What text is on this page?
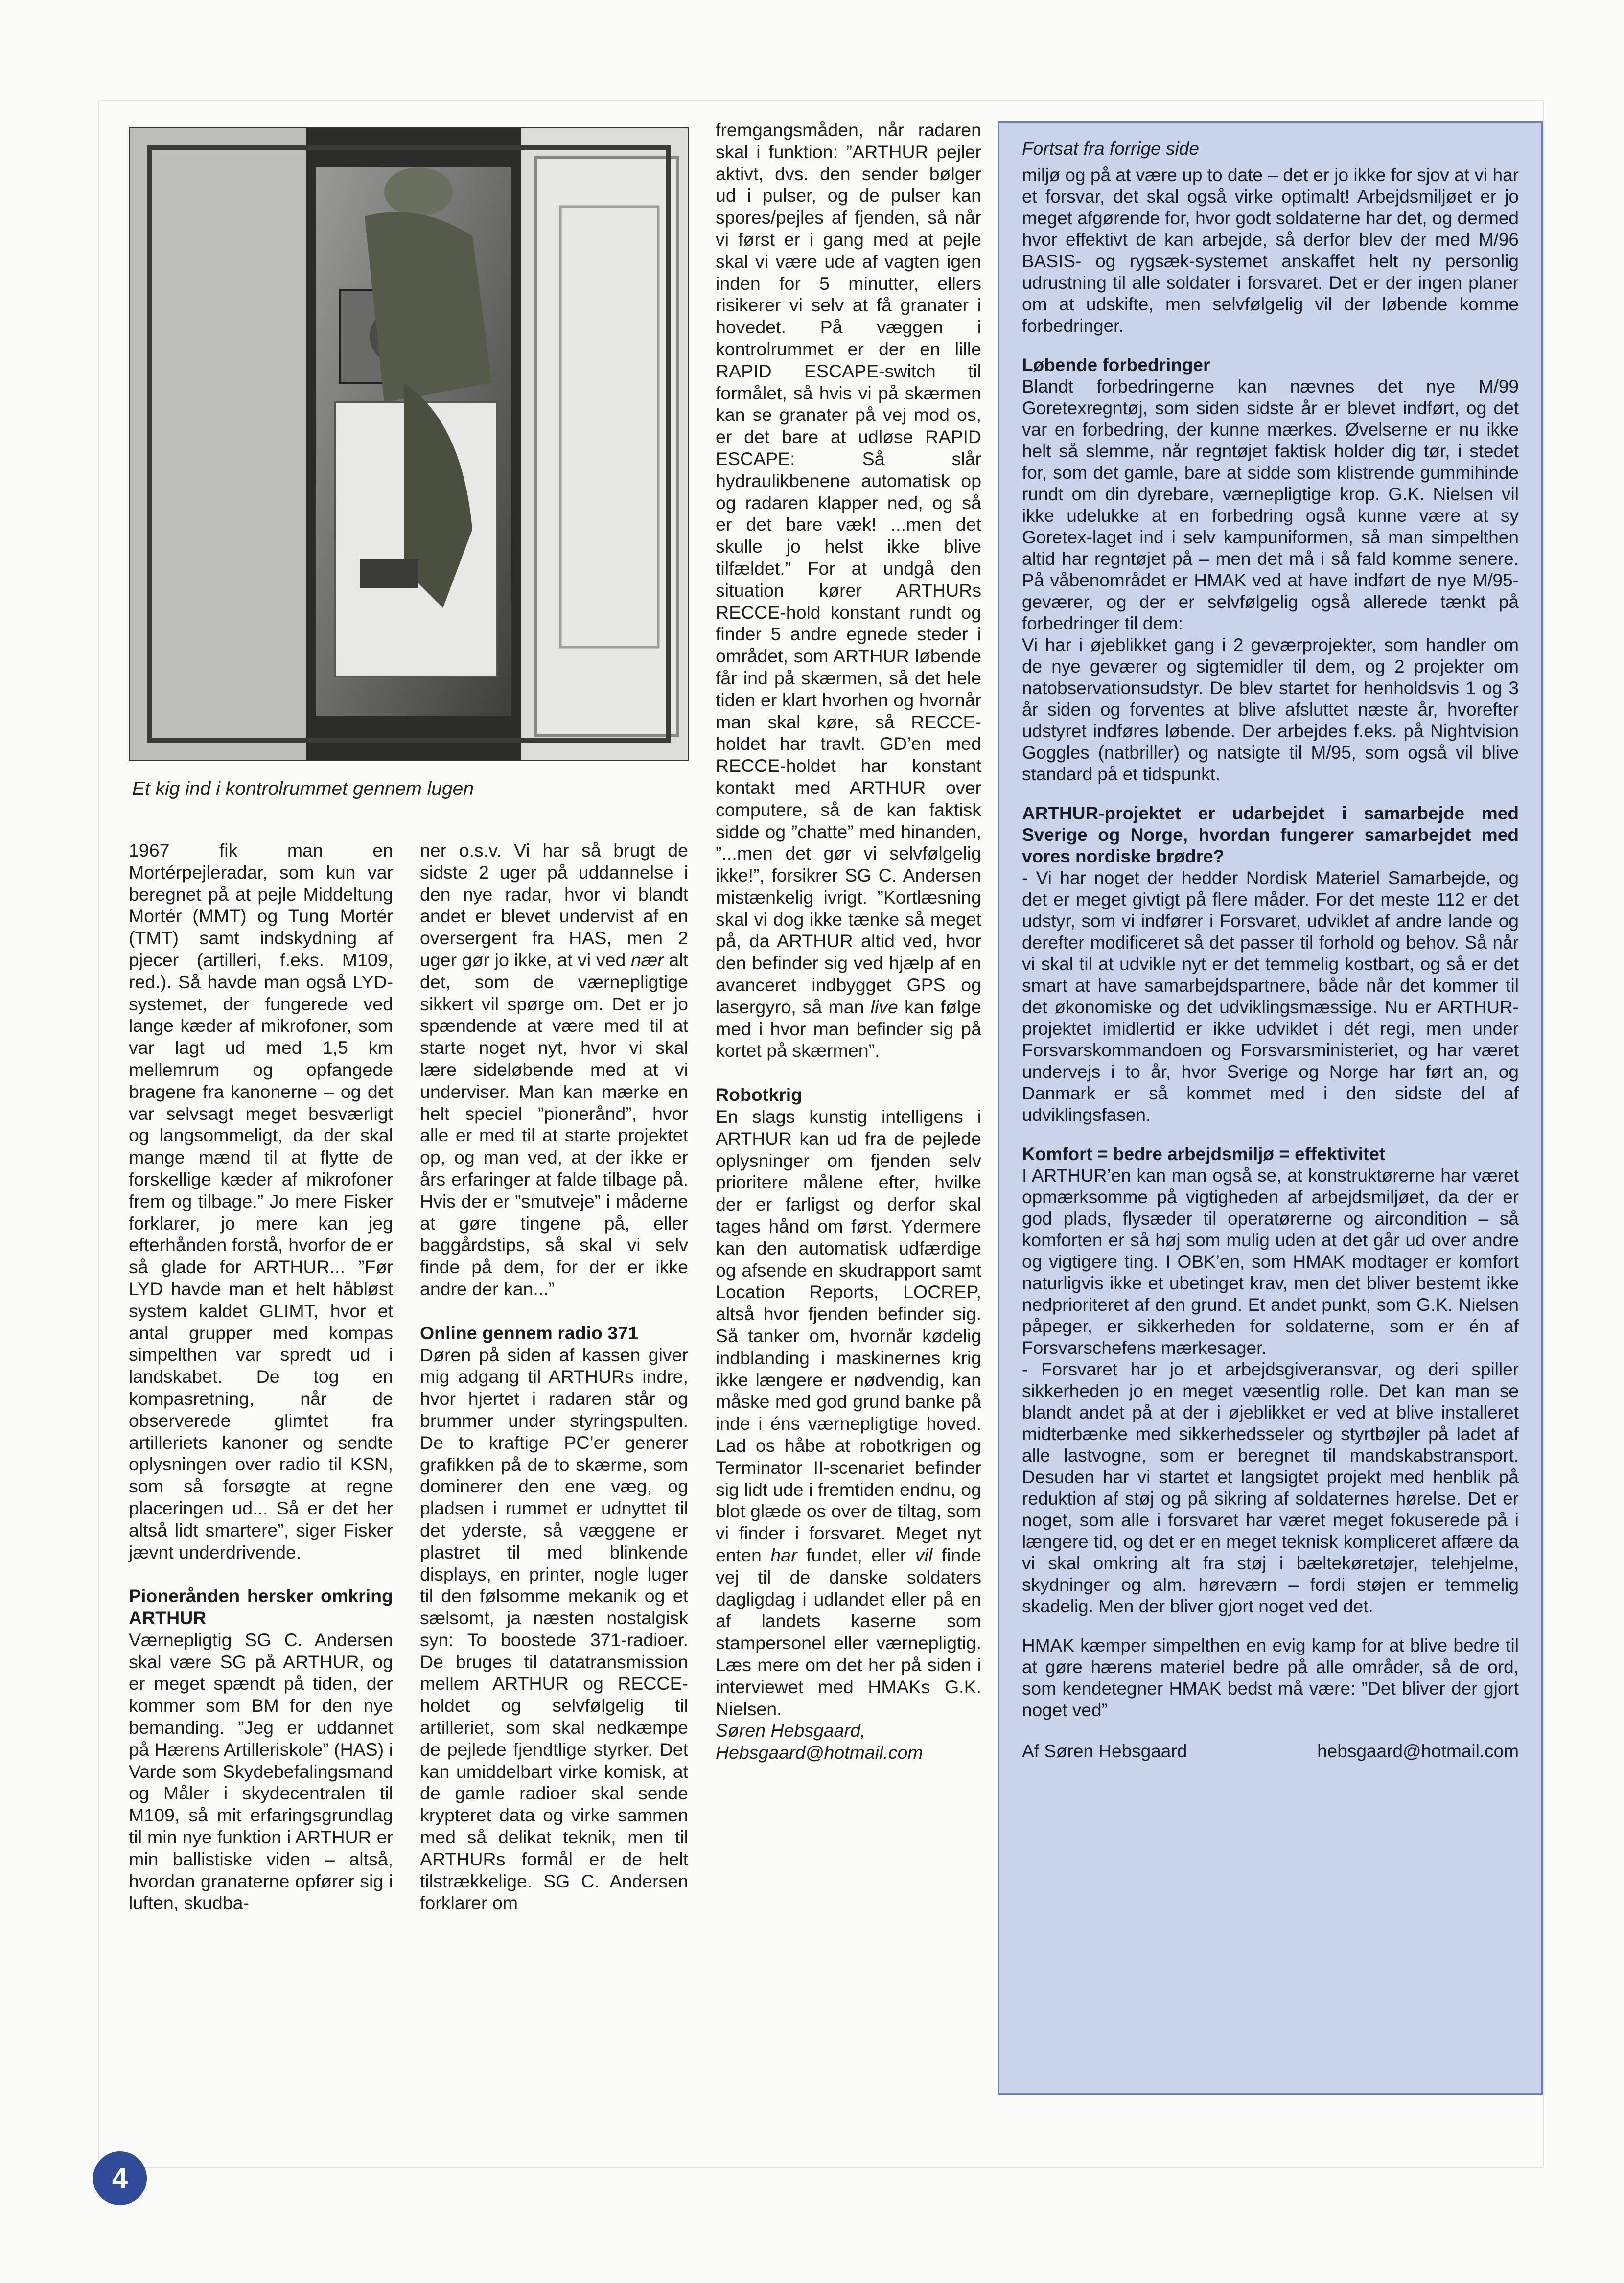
Et kig ind i kontrolrummet gennem lugen

1967 fik man en Mortérpejleradar, som kun var beregnet på at pejle Middeltung Mortér (MMT) og Tung Mortér (TMT) samt indskydning af pjecer (artilleri, f.eks. M109, red.). Så havde man også LYD-systemet, der fungerede ved lange kæder af mikrofoner, som var lagt ud med 1,5 km mellemrum og opfangede bragene fra kanonerne – og det var selvsagt meget besværligt og langsommeligt, da der skal mange mænd til at flytte de forskellige kæder af mikrofoner frem og tilbage.” Jo mere Fisker forklarer, jo mere kan jeg efterhånden forstå, hvorfor de er så glade for ARTHUR... ”Før LYD havde man et helt håbløst system kaldet GLIMT, hvor et antal grupper med kompas simpelthen var spredt ud i landskabet. De tog en kompasretning, når de observerede glimtet fra artilleriets kanoner og sendte oplysningen over radio til KSN, som så forsøgte at regne placeringen ud... Så er det her altså lidt smartere”, siger Fisker jævnt underdrivende.

Pionerånden hersker omkring ARTHUR

Værnepligtig SG C. Andersen skal være SG på ARTHUR, og er meget spændt på tiden, der kommer som BM for den nye bemanding. ”Jeg er uddannet på Hærens Artilleriskole” (HAS) i Varde som Skydebefalingsmand og Måler i skydecentralen til M109, så mit erfaringsgrundlag til min nye funktion i ARTHUR er min ballistiske viden – altså, hvordan granaterne opfører sig i luften, skudba-

ner o.s.v. Vi har så brugt de sidste 2 uger på uddannelse i den nye radar, hvor vi blandt andet er blevet undervist af en oversergent fra HAS, men 2 uger gør jo ikke, at vi ved nær alt det, som de værnepligtige sikkert vil spørge om. Det er jo spændende at være med til at starte noget nyt, hvor vi skal lære sideløbende med at vi underviser. Man kan mærke en helt speciel ”pionerånd”, hvor alle er med til at starte projektet op, og man ved, at der ikke er års erfaringer at falde tilbage på. Hvis der er ”smutveje” i måderne at gøre tingene på, eller baggårdstips, så skal vi selv finde på dem, for der er ikke andre der kan...”

Online gennem radio 371

Døren på siden af kassen giver mig adgang til ARTHURs indre, hvor hjertet i radaren står og brummer under styringspulten. De to kraftige PC’er generer grafikken på de to skærme, som dominerer den ene væg, og pladsen i rummet er udnyttet til det yderste, så væggene er plastret til med blinkende displays, en printer, nogle luger til den følsomme mekanik og et sælsomt, ja næsten nostalgisk syn: To boostede 371-radioer. De bruges til datatransmission mellem ARTHUR og RECCE-holdet og selvfølgelig til artilleriet, som skal nedkæmpe de pejlede fjendtlige styrker. Det kan umiddelbart virke komisk, at de gamle radioer skal sende krypteret data og virke sammen med så delikat teknik, men til ARTHURs formål er de helt tilstrækkelige. SG C. Andersen forklarer om

fremgangsmåden, når radaren skal i funktion: ”ARTHUR pejler aktivt, dvs. den sender bølger ud i pulser, og de pulser kan spores/pejles af fjenden, så når vi først er i gang med at pejle skal vi være ude af vagten igen inden for 5 minutter, ellers risikerer vi selv at få granater i hovedet. På væggen i kontrolrummet er der en lille RAPID ESCAPE-switch til formålet, så hvis vi på skærmen kan se granater på vej mod os, er det bare at udløse RAPID ESCAPE: Så slår hydraulikbenene automatisk op og radaren klapper ned, og så er det bare væk! ...men det skulle jo helst ikke blive tilfældet.” For at undgå den situation kører ARTHURs RECCE-hold konstant rundt og finder 5 andre egnede steder i området, som ARTHUR løbende får ind på skærmen, så det hele tiden er klart hvorhen og hvornår man skal køre, så RECCE-holdet har travlt. GD’en med RECCE-holdet har konstant kontakt med ARTHUR over computere, så de kan faktisk sidde og ”chatte” med hinanden, ”...men det gør vi selvfølgelig ikke!”, forsikrer SG C. Andersen mistænkelig ivrigt. ”Kortlæsning skal vi dog ikke tænke så meget på, da ARTHUR altid ved, hvor den befinder sig ved hjælp af en avanceret indbygget GPS og lasergyro, så man live kan følge med i hvor man befinder sig på kortet på skærmen”.

Robotkrig

En slags kunstig intelligens i ARTHUR kan ud fra de pejlede oplysninger om fjenden selv prioritere målene efter, hvilke der er farligst og derfor skal tages hånd om først. Ydermere kan den automatisk udfærdige og afsende en skudrapport samt Location Reports, LOCREP, altså hvor fjenden befinder sig. Så tanker om, hvornår kødelig indblanding i maskinernes krig ikke længere er nødvendig, kan måske med god grund banke på inde i éns værnepligtige hoved. Lad os håbe at robotkrigen og Terminator II-scenariet befinder sig lidt ude i fremtiden endnu, og blot glæde os over de tiltag, som vi finder i forsvaret. Meget nyt enten har fundet, eller vil finde vej til de danske soldaters dagligdag i udlandet eller på en af landets kaserne som stampersonel eller værnepligtig. Læs mere om det her på siden i interviewet med HMAKs G.K. Nielsen.

Søren Hebsgaard,

Hebsgaard@hotmail.com

Fortsat fra forrige side

miljø og på at være up to date – det er jo ikke for sjov at vi har et forsvar, det skal også virke optimalt! Arbejdsmiljøet er jo meget afgørende for, hvor godt soldaterne har det, og dermed hvor effektivt de kan arbejde, så derfor blev der med M/96 BASIS- og rygsæk-systemet anskaffet helt ny personlig udrustning til alle soldater i forsvaret. Det er der ingen planer om at udskifte, men selvfølgelig vil der løbende komme forbedringer.

Løbende forbedringer

Blandt forbedringerne kan nævnes det nye M/99 Goretexregntøj, som siden sidste år er blevet indført, og det var en forbedring, der kunne mærkes. Øvelserne er nu ikke helt så slemme, når regntøjet faktisk holder dig tør, i stedet for, som det gamle, bare at sidde som klistrende gummihinde rundt om din dyrebare, værnepligtige krop. G.K. Nielsen vil ikke udelukke at en forbedring også kunne være at sy Goretex-laget ind i selv kampuniformen, så man simpelthen altid har regntøjet på – men det må i så fald komme senere. På våbenområdet er HMAK ved at have indført de nye M/95-geværer, og der er selvfølgelig også allerede tænkt på forbedringer til dem:

Vi har i øjeblikket gang i 2 geværprojekter, som handler om de nye geværer og sigtemidler til dem, og 2 projekter om natobservationsudstyr. De blev startet for henholdsvis 1 og 3 år siden og forventes at blive afsluttet næste år, hvorefter udstyret indføres løbende. Der arbejdes f.eks. på Nightvision Goggles (natbriller) og natsigte til M/95, som også vil blive standard på et tidspunkt.

ARTHUR-projektet er udarbejdet i samarbejde med Sverige og Norge, hvordan fungerer samarbejdet med vores nordiske brødre?

- Vi har noget der hedder Nordisk Materiel Samarbejde, og det er meget givtigt på flere måder. For det meste 112 er det udstyr, som vi indfører i Forsvaret, udviklet af andre lande og derefter modificeret så det passer til forhold og behov. Så når vi skal til at udvikle nyt er det temmelig kostbart, og så er det smart at have samarbejdspartnere, både når det kommer til det økonomiske og det udviklingsmæssige. Nu er ARTHUR-projektet imidlertid er ikke udviklet i dét regi, men under Forsvarskommandoen og Forsvarsministeriet, og har været undervejs i to år, hvor Sverige og Norge har ført an, og Danmark er så kommet med i den sidste del af udviklingsfasen.

Komfort = bedre arbejdsmiljø = effektivitet

I ARTHUR’en kan man også se, at konstruktørerne har været opmærksomme på vigtigheden af arbejdsmiljøet, da der er god plads, flysæder til operatørerne og aircondition – så komforten er så høj som mulig uden at det går ud over andre og vigtigere ting. I OBK’en, som HMAK modtager er komfort naturligvis ikke et ubetinget krav, men det bliver bestemt ikke nedprioriteret af den grund. Et andet punkt, som G.K. Nielsen påpeger, er sikkerheden for soldaterne, som er én af Forsvarschefens mærkesager.

- Forsvaret har jo et arbejdsgiveransvar, og deri spiller sikkerheden jo en meget væsentlig rolle. Det kan man se blandt andet på at der i øjeblikket er ved at blive installeret midterbænke med sikkerhedsseler og styrtbøjler på ladet af alle lastvogne, som er beregnet til mandskabstransport. Desuden har vi startet et langsigtet projekt med henblik på reduktion af støj og på sikring af soldaternes hørelse. Det er noget, som alle i forsvaret har været meget fokuserede på i længere tid, og det er en meget teknisk kompliceret affære da vi skal omkring alt fra støj i bæltekøretøjer, telehjelme, skydninger og alm. høreværn – fordi støjen er temmelig skadelig. Men der bliver gjort noget ved det.

HMAK kæmper simpelthen en evig kamp for at blive bedre til at gøre hærens materiel bedre på alle områder, så de ord, som kendetegner HMAK bedst må være: ”Det bliver der gjort noget ved”

Af Søren Hebsgaard	hebsgaard@hotmail.com
4
